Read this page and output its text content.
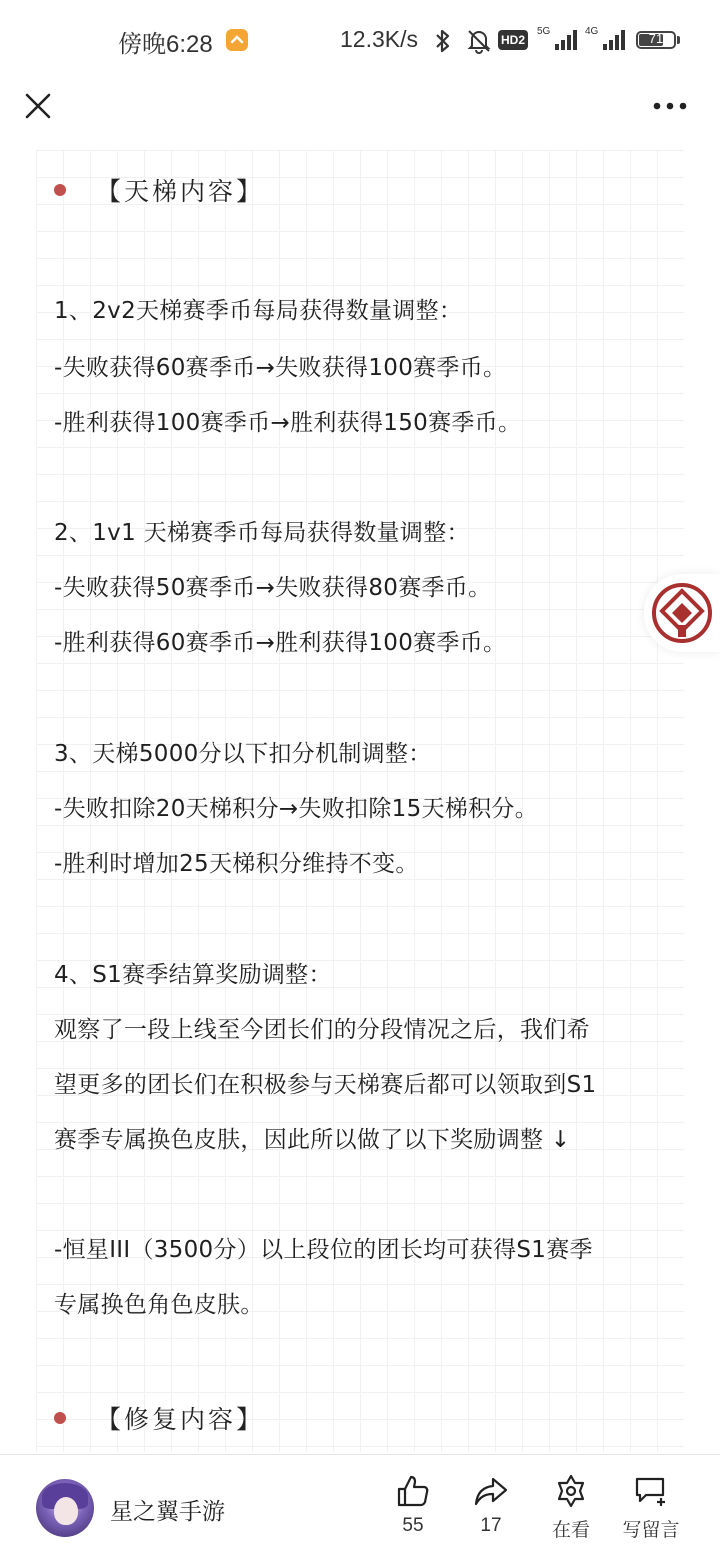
傍晚6:28	12.3K/s	HD2
5G	4G	71
【天梯内容】
1、2v2天梯赛季币每局获得数量调整：
-失败获得60赛季币→失败获得100赛季币。
-胜利获得100赛季币→胜利获得150赛季币。
2、1v1 天梯赛季币每局获得数量调整：
-失败获得50赛季币→失败获得80赛季币。
-胜利获得60赛季币→胜利获得100赛季币。
3、天梯5000分以下扣分机制调整：
-失败扣除20天梯积分→失败扣除15天梯积分。
-胜利时增加25天梯积分维持不变。
4、S1赛季结算奖励调整：
观察了一段上线至今团长们的分段情况之后，我们希
望更多的团长们在积极参与天梯赛后都可以领取到S1
赛季专属换色皮肤，因此所以做了以下奖励调整 ↓
-恒星III（3500分）以上段位的团长均可获得S1赛季
专属换色角色皮肤。
【修复内容】
星之翼手游
55	17	在看	写留言
